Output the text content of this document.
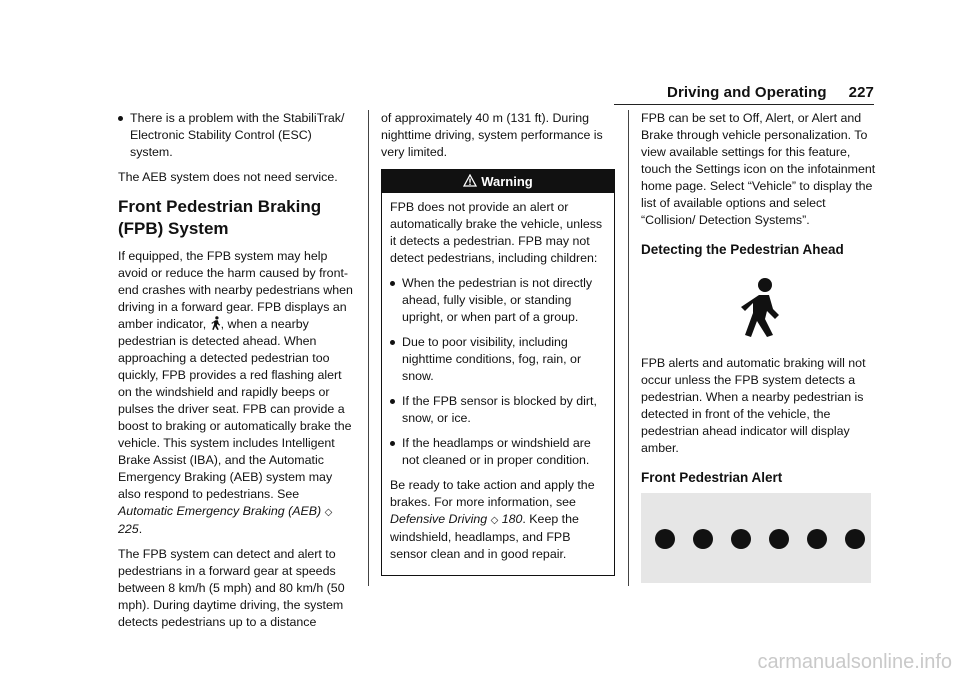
Driving and Operating 227
There is a problem with the StabiliTrak/ Electronic Stability Control (ESC) system.

The AEB system does not need service.

Front Pedestrian Braking (FPB) System

If equipped, the FPB system may help avoid or reduce the harm caused by front-end crashes with nearby pedestrians when driving in a forward gear. FPB displays an amber indicator, , when a nearby pedestrian is detected ahead. When approaching a detected pedestrian too quickly, FPB provides a red flashing alert on the windshield and rapidly beeps or pulses the driver seat. FPB can provide a boost to braking or automatically brake the vehicle. This system includes Intelligent Brake Assist (IBA), and the Automatic Emergency Braking (AEB) system may also respond to pedestrians. See Automatic Emergency Braking (AEB) ◇ 225.

The FPB system can detect and alert to pedestrians in a forward gear at speeds between 8 km/h (5 mph) and 80 km/h (50 mph). During daytime driving, the system detects pedestrians up to a distance

of approximately 40 m (131 ft). During nighttime driving, system performance is very limited.

Warning

FPB does not provide an alert or automatically brake the vehicle, unless it detects a pedestrian. FPB may not detect pedestrians, including children:

When the pedestrian is not directly ahead, fully visible, or standing upright, or when part of a group.
Due to poor visibility, including nighttime conditions, fog, rain, or snow.
If the FPB sensor is blocked by dirt, snow, or ice.
If the headlamps or windshield are not cleaned or in proper condition.

Be ready to take action and apply the brakes. For more information, see Defensive Driving ◇ 180. Keep the windshield, headlamps, and FPB sensor clean and in good repair.

FPB can be set to Off, Alert, or Alert and Brake through vehicle personalization. To view available settings for this feature, touch the Settings icon on the infotainment home page. Select “Vehicle” to display the list of available options and select “Collision/ Detection Systems”.

Detecting the Pedestrian Ahead

FPB alerts and automatic braking will not occur unless the FPB system detects a pedestrian. When a nearby pedestrian is detected in front of the vehicle, the pedestrian ahead indicator will display amber.

Front Pedestrian Alert
carmanualsonline.info
